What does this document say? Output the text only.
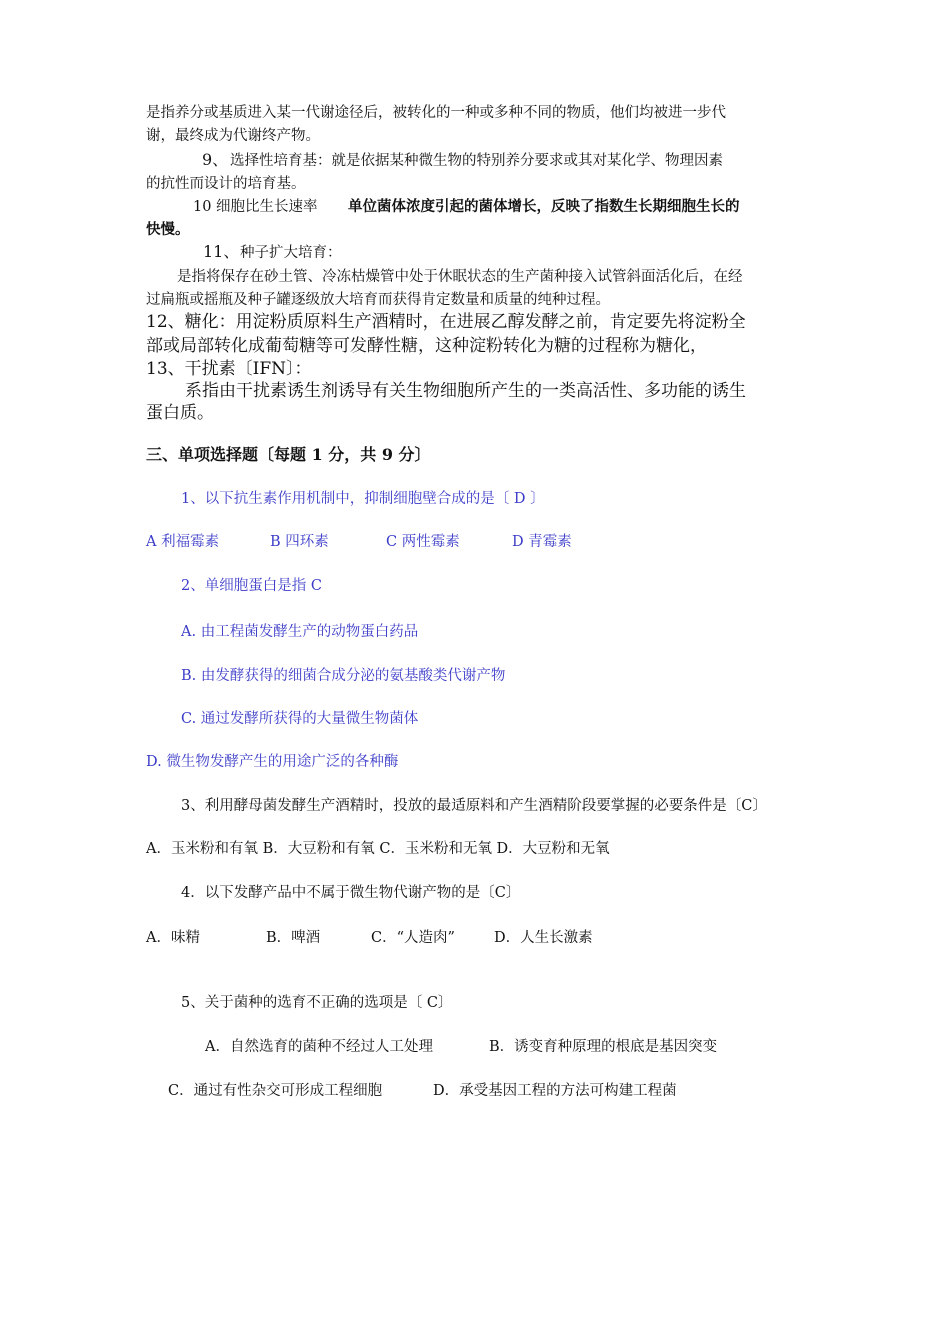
是指养分或基质进入某一代谢途径后，被转化的一种或多种不同的物质，他们均被进一步代

谢，最终成为代谢终产物。

9、 选择性培育基：就是依据某种微生物的特别养分要求或其对某化学、物理因素

的抗性而设计的培育基。

10 细胞比生长速率 单位菌体浓度引起的菌体增长，反映了指数生长期细胞生长的

快慢。

11、 种子扩大培育：

是指将保存在砂土管、冷冻枯燥管中处于休眠状态的生产菌种接入试管斜面活化后，在经

过扁瓶或摇瓶及种子罐逐级放大培育而获得肯定数量和质量的纯种过程。

12、糖化：用淀粉质原料生产酒精时，在进展乙醇发酵之前，肯定要先将淀粉全

部或局部转化成葡萄糖等可发酵性糖，这种淀粉转化为糖的过程称为糖化，

13、干扰素〔IFN〕：

系指由干扰素诱生剂诱导有关生物细胞所产生的一类高活性、多功能的诱生

蛋白质。

三、单项选择题〔每题 1 分，共 9 分〕

1、以下抗生素作用机制中，抑制细胞壁合成的是〔 D 〕

A 利福霉素	B 四环素	C 两性霉素	D 青霉素

2、单细胞蛋白是指 C

A. 由工程菌发酵生产的动物蛋白药品

B. 由发酵获得的细菌合成分泌的氨基酸类代谢产物

C. 通过发酵所获得的大量微生物菌体

D. 微生物发酵产生的用途广泛的各种酶

3、利用酵母菌发酵生产酒精时，投放的最适原料和产生酒精阶段要掌握的必要条件是〔C〕

A．玉米粉和有氧 B．大豆粉和有氧 C．玉米粉和无氧 D．大豆粉和无氧

4．以下发酵产品中不属于微生物代谢产物的是〔C〕

A．味精	B．啤酒	C．“人造肉”	D．人生长激素

5、关于菌种的选育不正确的选项是〔 C〕

A．自然选育的菌种不经过人工处理	B．诱变育种原理的根底是基因突变
C．通过有性杂交可形成工程细胞	D．承受基因工程的方法可构建工程菌
